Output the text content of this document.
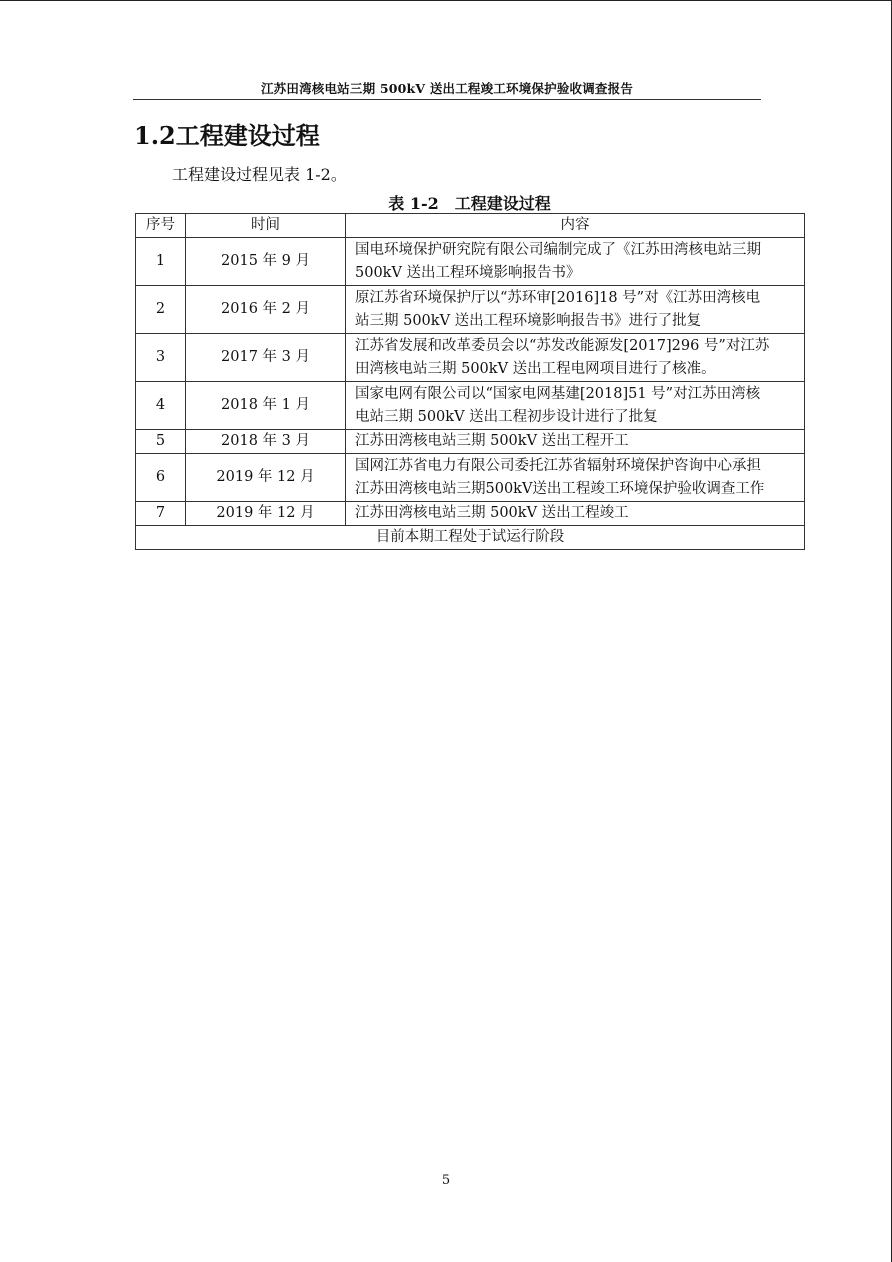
江苏田湾核电站三期 500kV 送出工程竣工环境保护验收调查报告
1.2工程建设过程
工程建设过程见表 1-2。
表 1-2　工程建设过程
序号	时间	内容
1	2015 年 9 月	国电环境保护研究院有限公司编制完成了《江苏田湾核电站三期
500kV 送出工程环境影响报告书》

2	2016 年 2 月	原江苏省环境保护厅以“苏环审[2016]18 号”对《江苏田湾核电
站三期 500kV 送出工程环境影响报告书》进行了批复

3	2017 年 3 月	江苏省发展和改革委员会以“苏发改能源发[2017]296 号”对江苏
田湾核电站三期 500kV 送出工程电网项目进行了核准。

4	2018 年 1 月	国家电网有限公司以“国家电网基建[2018]51 号”对江苏田湾核
电站三期 500kV 送出工程初步设计进行了批复

5	2018 年 3 月	江苏田湾核电站三期 500kV 送出工程开工

6	2019 年 12 月	国网江苏省电力有限公司委托江苏省辐射环境保护咨询中心承担
江苏田湾核电站三期500kV送出工程竣工环境保护验收调查工作

7	2019 年 12 月	江苏田湾核电站三期 500kV 送出工程竣工

目前本期工程处于试运行阶段		
5
